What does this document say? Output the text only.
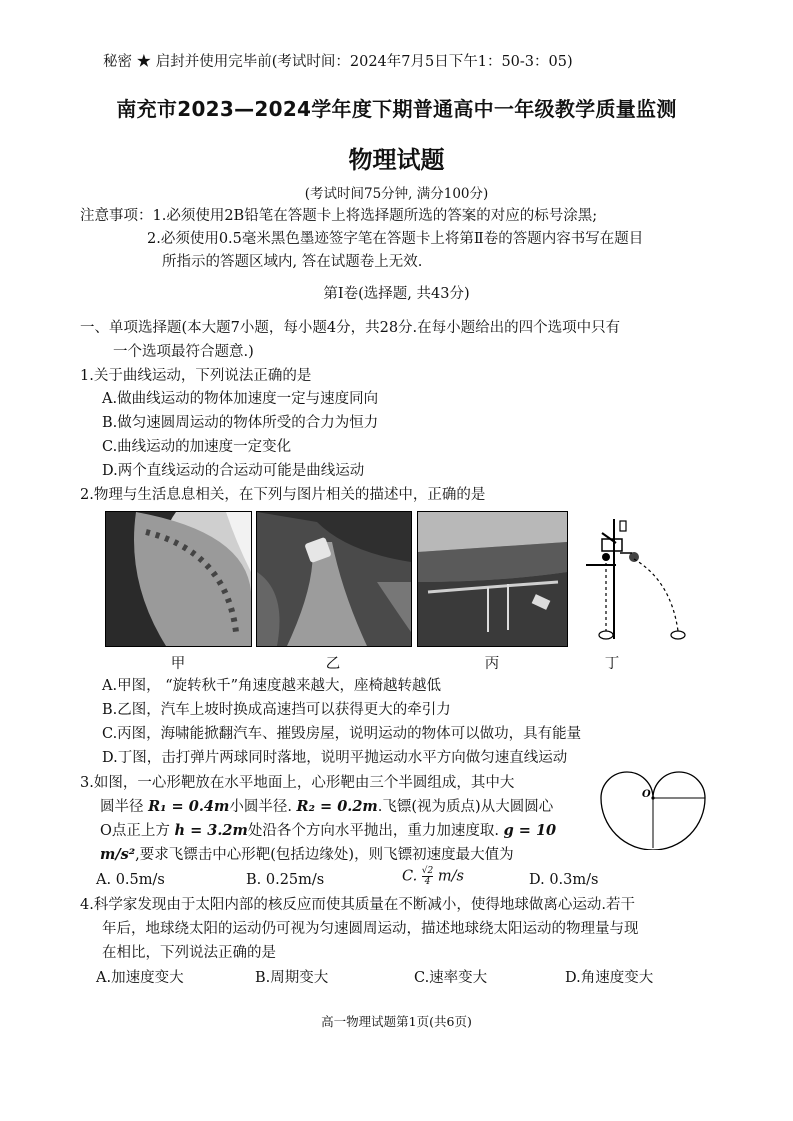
秘密 ★ 启封并使用完毕前(考试时间：2024年7月5日下午1：50-3：05)
南充市2023—2024学年度下期普通高中一年级教学质量监测
物理试题
(考试时间75分钟, 满分100分)
注意事项：1.必须使用2B铅笔在答题卡上将选择题所选的答案的对应的标号涂黑;
2.必须使用0.5毫米黑色墨迹签字笔在答题卡上将第Ⅱ卷的答题内容书写在题目
所指示的答题区域内, 答在试题卷上无效.
第Ⅰ卷(选择题, 共43分)
一、单项选择题(本大题7小题，每小题4分，共28分.在每小题给出的四个选项中只有
一个选项最符合题意.)
1.关于曲线运动，下列说法正确的是
A.做曲线运动的物体加速度一定与速度同向
B.做匀速圆周运动的物体所受的合力为恒力
C.曲线运动的加速度一定变化
D.两个直线运动的合运动可能是曲线运动
2.物理与生活息息相关，在下列与图片相关的描述中，正确的是
甲	乙	丙	丁
A.甲图， “旋转秋千”角速度越来越大，座椅越转越低
B.乙图，汽车上坡时换成高速挡可以获得更大的牵引力
C.丙图，海啸能掀翻汽车、摧毁房屋，说明运动的物体可以做功，具有能量
D.丁图，击打弹片两球同时落地，说明平抛运动水平方向做匀速直线运动
3.如图，一心形靶放在水平地面上，心形靶由三个半圆组成，其中大
圆半径 R₁ = 0.4m小圆半径. R₂ = 0.2m.飞镖(视为质点)从大圆圆心
O点正上方 h = 3.2m处沿各个方向水平抛出，重力加速度取. g = 10
m/s²,要求飞镖击中心形靶(包括边缘处)，则飞镖初速度最大值为
A. 0.5m/s	B. 0.25m/s	C. $\frac{√2}{4} m/s$	D. 0.3m/s
O
4.科学家发现由于太阳内部的核反应而使其质量在不断减小，使得地球做离心运动.若干
年后，地球绕太阳的运动仍可视为匀速圆周运动，描述地球绕太阳运动的物理量与现
在相比，下列说法正确的是
A.加速度变大	B.周期变大	C.速率变大	D.角速度变大
高一物理试题第1页(共6页)
